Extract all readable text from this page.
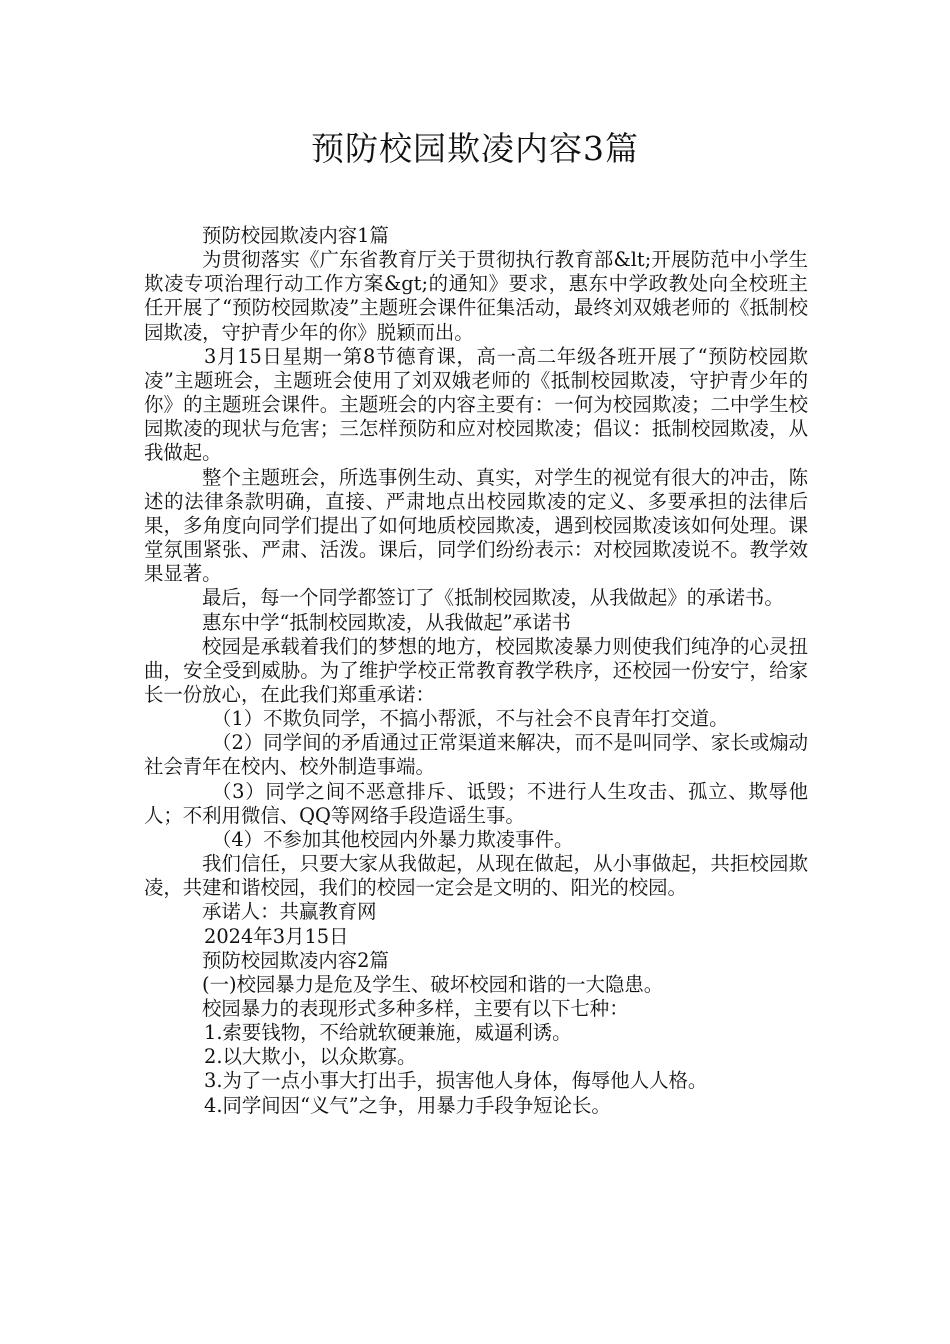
预防校园欺凌内容3篇

预防校园欺凌内容1篇

为贯彻落实《广东省教育厅关于贯彻执行教育部&lt;开展防范中小学生欺凌专项治理行动工作方案&gt;的通知》要求，惠东中学政教处向全校班主任开展了“预防校园欺凌”主题班会课件征集活动，最终刘双娥老师的《抵制校园欺凌，守护青少年的你》脱颖而出。

3月15日星期一第8节德育课，高一高二年级各班开展了“预防校园欺凌”主题班会，主题班会使用了刘双娥老师的《抵制校园欺凌，守护青少年的你》的主题班会课件。主题班会的内容主要有：一何为校园欺凌；二中学生校园欺凌的现状与危害；三怎样预防和应对校园欺凌；倡议：抵制校园欺凌，从我做起。

整个主题班会，所选事例生动、真实，对学生的视觉有很大的冲击，陈述的法律条款明确，直接、严肃地点出校园欺凌的定义、多要承担的法律后果，多角度向同学们提出了如何地质校园欺凌，遇到校园欺凌该如何处理。课堂氛围紧张、严肃、活泼。课后，同学们纷纷表示：对校园欺凌说不。教学效果显著。

最后，每一个同学都签订了《抵制校园欺凌，从我做起》的承诺书。

惠东中学“抵制校园欺凌，从我做起”承诺书

校园是承载着我们的梦想的地方，校园欺凌暴力则使我们纯净的心灵扭曲，安全受到威胁。为了维护学校正常教育教学秩序，还校园一份安宁，给家长一份放心，在此我们郑重承诺：

（1）不欺负同学，不搞小帮派，不与社会不良青年打交道。

（2）同学间的矛盾通过正常渠道来解决，而不是叫同学、家长或煽动社会青年在校内、校外制造事端。

（3）同学之间不恶意排斥、诋毁；不进行人生攻击、孤立、欺辱他人；不利用微信、QQ等网络手段造谣生事。

（4）不参加其他校园内外暴力欺凌事件。

我们信任，只要大家从我做起，从现在做起，从小事做起，共拒校园欺凌，共建和谐校园，我们的校园一定会是文明的、阳光的校园。

承诺人：共赢教育网

2024年3月15日

预防校园欺凌内容2篇

(一)校园暴力是危及学生、破坏校园和谐的一大隐患。

校园暴力的表现形式多种多样，主要有以下七种：

1.索要钱物，不给就软硬兼施，威逼利诱。

2.以大欺小，以众欺寡。

3.为了一点小事大打出手，损害他人身体，侮辱他人人格。

4.同学间因“义气”之争，用暴力手段争短论长。
